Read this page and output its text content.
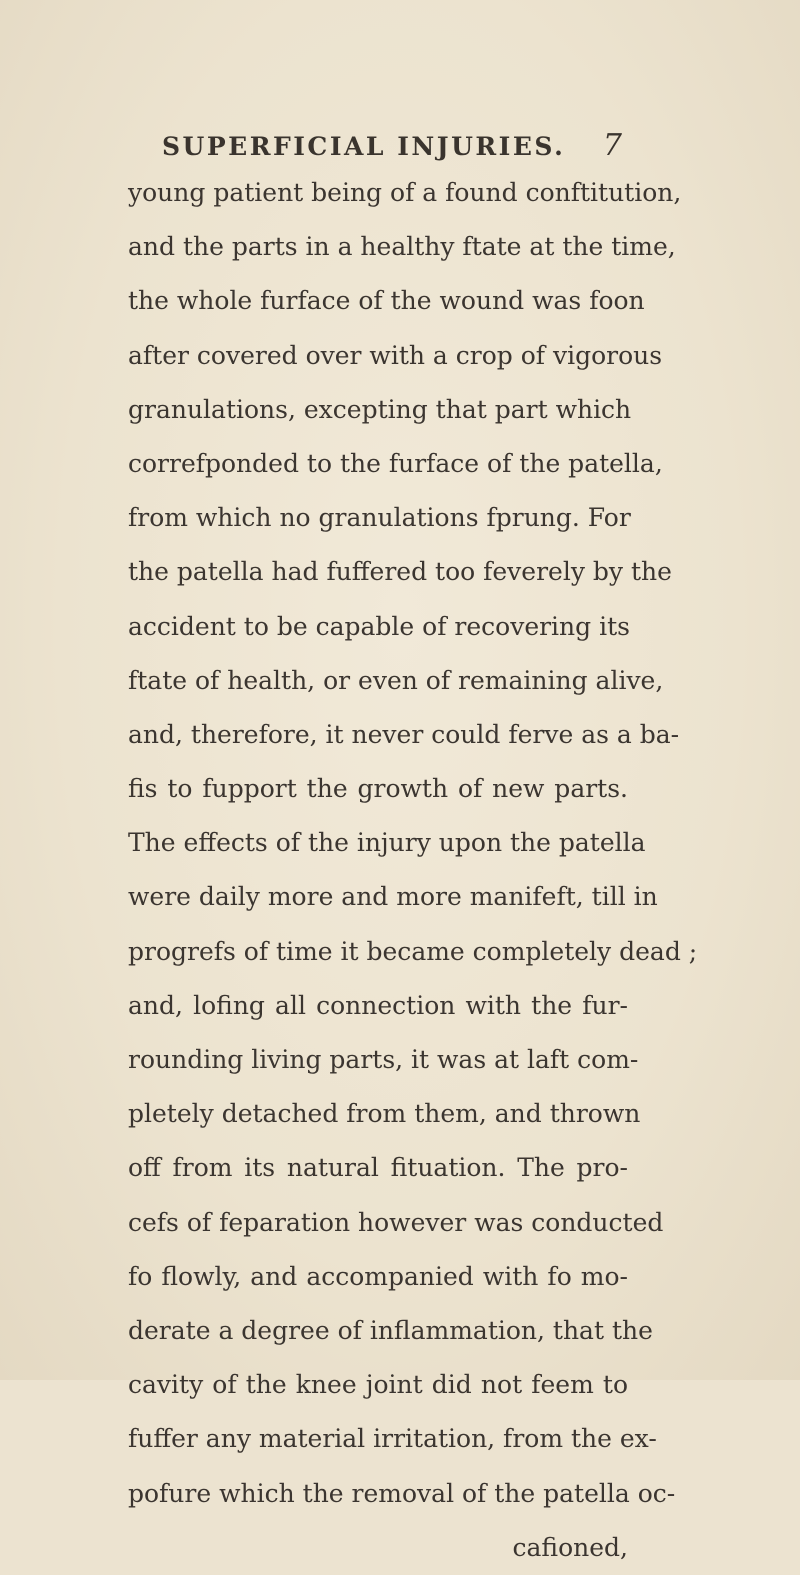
SUPERFICIAL INJURIES. 7
young patient being of a found conftitution,
and the parts in a healthy ftate at the time,
the whole furface of the wound was foon
after covered over with a crop of vigorous
granulations, excepting that part which
correfponded to the furface of the patella,
from which no granulations fprung. For
the patella had fuffered too feverely by the
accident to be capable of recovering its
ftate of health, or even of remaining alive,
and, therefore, it never could ferve as a ba-
fis to fupport the growth of new parts.
The effects of the injury upon the patella
were daily more and more manifeft, till in
progrefs of time it became completely dead ;
and, lofing all connection with the fur-
rounding living parts, it was at laft com-
pletely detached from them, and thrown
off from its natural fituation. The pro-
cefs of feparation however was conducted
fo flowly, and accompanied with fo mo-
derate a degree of inflammation, that the
cavity of the knee joint did not feem to
fuffer any material irritation, from the ex-
pofure which the removal of the patella oc-
cafioned,
